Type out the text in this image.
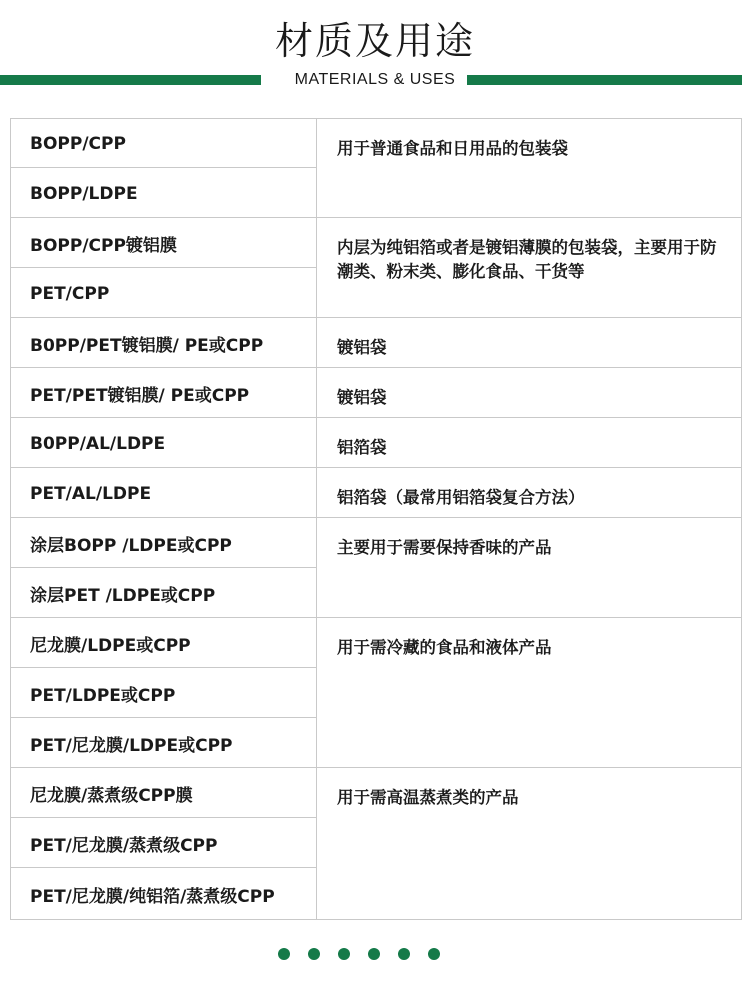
材质及用途
MATERIALS & USES
BOPP/CPP	用于普通食品和日用品的包装袋
BOPP/LDPE	
BOPP/CPP镀铝膜	内层为纯铝箔或者是镀铝薄膜的包装袋，主要用于防潮类、粉末类、膨化食品、干货等
PET/CPP	
B0PP/PET镀铝膜/ PE或CPP	镀铝袋
PET/PET镀铝膜/ PE或CPP	镀铝袋
B0PP/AL/LDPE	铝箔袋
PET/AL/LDPE	铝箔袋（最常用铝箔袋复合方法）
涂层BOPP /LDPE或CPP	主要用于需要保持香味的产品
涂层PET /LDPE或CPP	
尼龙膜/LDPE或CPP	用于需冷藏的食品和液体产品
PET/LDPE或CPP	
PET/尼龙膜/LDPE或CPP	
尼龙膜/蒸煮级CPP膜	用于需高温蒸煮类的产品
PET/尼龙膜/蒸煮级CPP	
PET/尼龙膜/纯铝箔/蒸煮级CPP	
